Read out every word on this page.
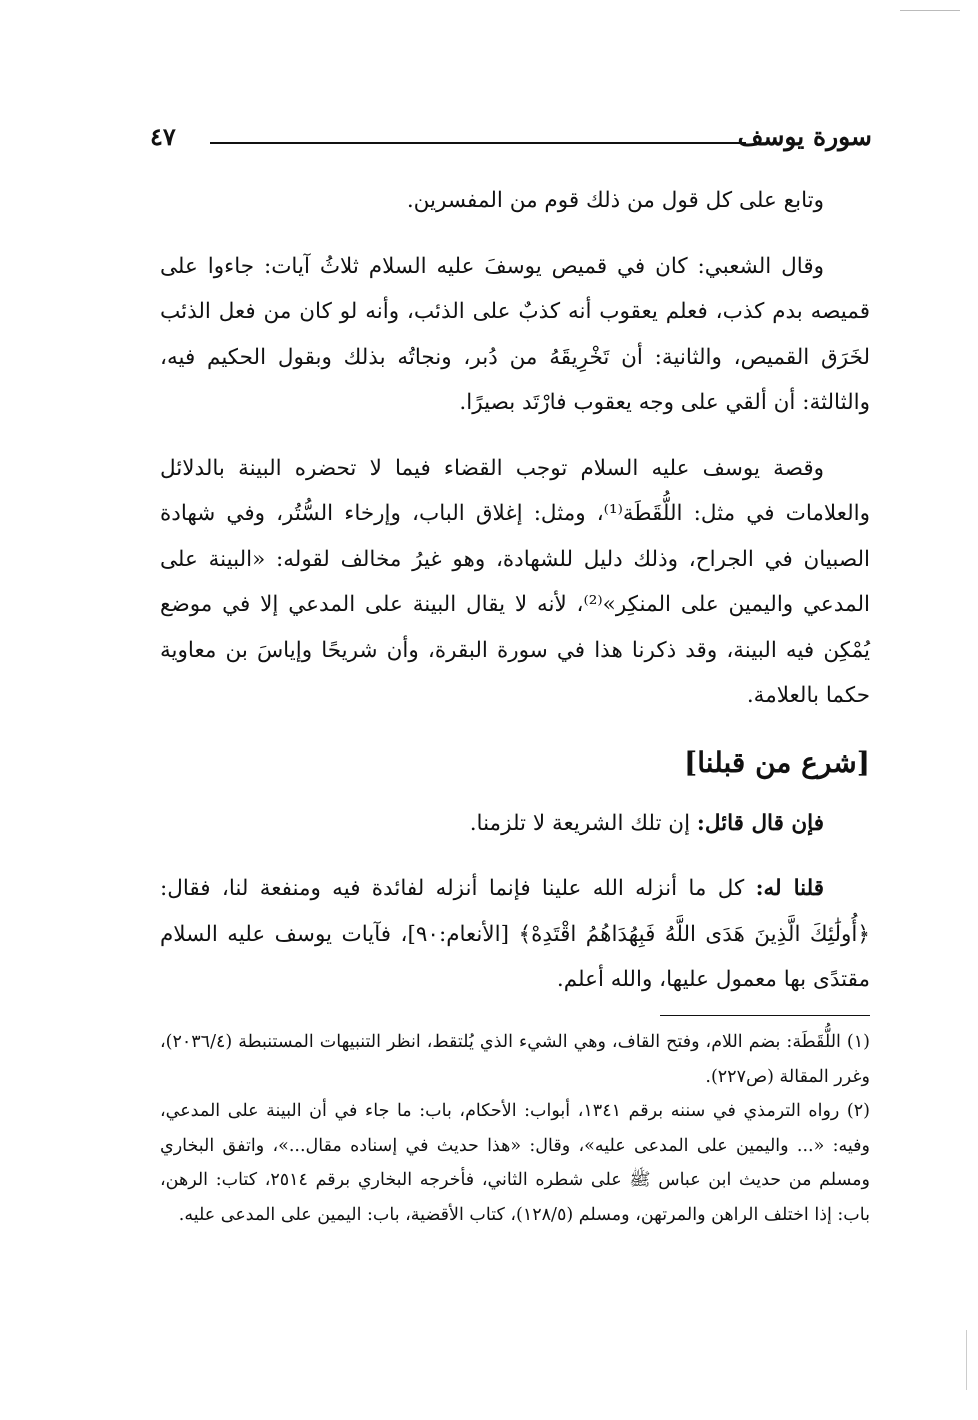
سورة يوسف
٤٧

وتابع على كل قول من ذلك قوم من المفسرين.

وقال الشعبي: كان في قميص يوسفَ عليه السلام ثلاثُ آيات: جاءوا على قميصه بدم كذب، فعلم يعقوب أنه كذبٌ على الذئب، وأنه لو كان من فعل الذئب لخَرَق القميص، والثانية: أن تَخْرِيقَهُ من دُبر، ونجاتُه بذلك وبقول الحكيم فيه، والثالثة: أن ألقي على وجه يعقوب فارْتَد بصيرًا.

وقصة يوسف عليه السلام توجب القضاء فيما لا تحضره البينة بالدلائل والعلامات في مثل: اللُّقَطَة⁽¹⁾، ومثل: إغلاق الباب، وإرخاء السُّتُر، وفي شهادة الصبيان في الجراح، وذلك دليل للشهادة، وهو غيرُ مخالف لقوله: «البينة على المدعي واليمين على المنكِر»⁽²⁾، لأنه لا يقال البينة على المدعي إلا في موضع يُمْكِن فيه البينة، وقد ذكرنا هذا في سورة البقرة، وأن شريحًا وإياسَ بن معاوية حكما بالعلامة.

[شرع من قبلنا]

فإن قال قائل: إن تلك الشريعة لا تلزمنا.

قلنا له: كل ما أنزله الله علينا فإنما أنزله لفائدة فيه ومنفعة لنا، فقال: ﴿أُولَٰئِكَ الَّذِينَ هَدَى اللَّهُ فَبِهُدَاهُمُ اقْتَدِهْ﴾ [الأنعام:٩٠]، فآيات يوسف عليه السلام مقتدًى بها معمول عليها، والله أعلم.

(١) اللُّقَطَة: بضم اللام، وفتح القاف، وهي الشيء الذي يُلتقط، انظر التنبيهات المستنبطة (٢٠٣٦/٤)، وغرر المقالة (ص٢٢٧).

(٢) رواه الترمذي في سننه برقم ١٣٤١، أبواب: الأحكام، باب: ما جاء في أن البينة على المدعي، وفيه: «... واليمين على المدعى عليه»، وقال: «هذا حديث في إسناده مقال...»، واتفق البخاري ومسلم من حديث ابن عباس ﷺ على شطره الثاني، فأخرجه البخاري برقم ٢٥١٤، كتاب: الرهن، باب: إذا اختلف الراهن والمرتهن، ومسلم (١٢٨/٥)، كتاب الأقضية، باب: اليمين على المدعى عليه.
